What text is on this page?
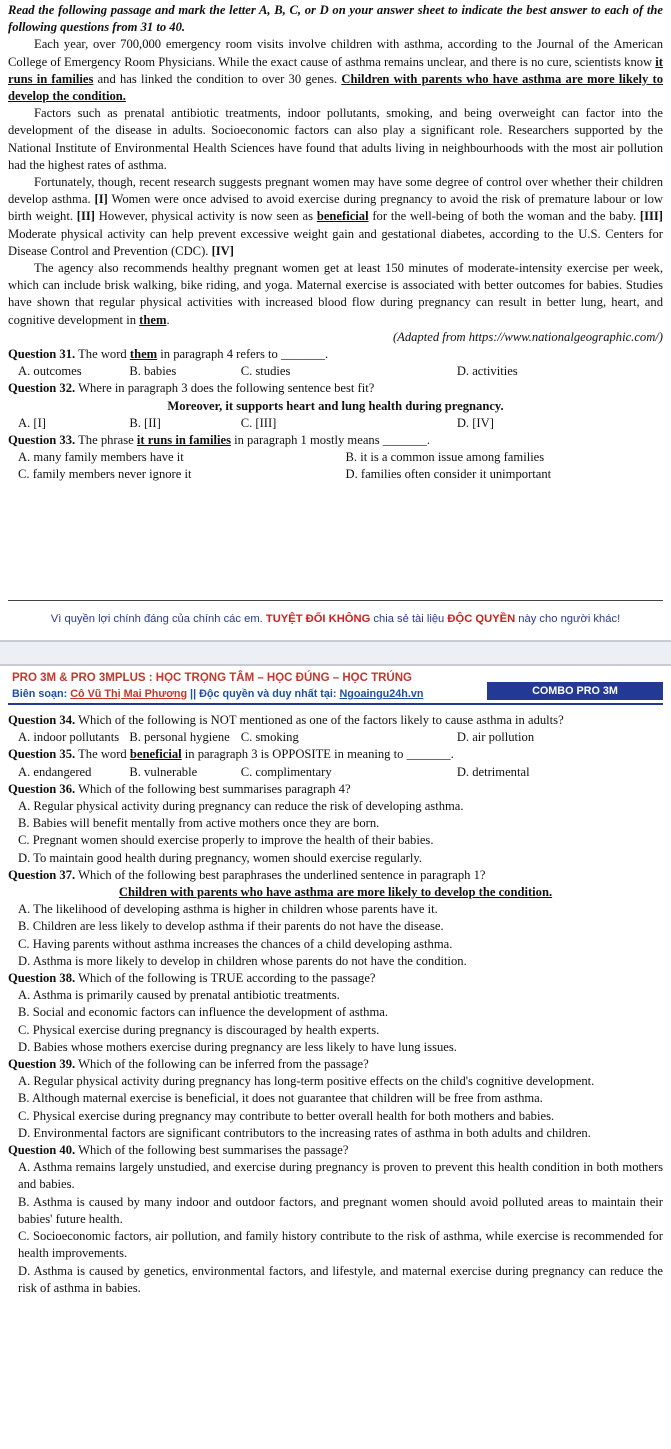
Read the following passage and mark the letter A, B, C, or D on your answer sheet to indicate the best answer to each of the following questions from 31 to 40.

Each year, over 700,000 emergency room visits involve children with asthma, according to the Journal of the American College of Emergency Room Physicians. While the exact cause of asthma remains unclear, and there is no cure, scientists know it runs in families and has linked the condition to over 30 genes. Children with parents who have asthma are more likely to develop the condition.

Factors such as prenatal antibiotic treatments, indoor pollutants, smoking, and being overweight can factor into the development of the disease in adults. Socioeconomic factors can also play a significant role. Researchers supported by the National Institute of Environmental Health Sciences have found that adults living in neighbourhoods with the most air pollution had the highest rates of asthma.

Fortunately, though, recent research suggests pregnant women may have some degree of control over whether their children develop asthma. [I] Women were once advised to avoid exercise during pregnancy to avoid the risk of premature labour or low birth weight. [II] However, physical activity is now seen as beneficial for the well-being of both the woman and the baby. [III] Moderate physical activity can help prevent excessive weight gain and gestational diabetes, according to the U.S. Centers for Disease Control and Prevention (CDC). [IV]

The agency also recommends healthy pregnant women get at least 150 minutes of moderate-intensity exercise per week, which can include brisk walking, bike riding, and yoga. Maternal exercise is associated with better outcomes for babies. Studies have shown that regular physical activities with increased blood flow during pregnancy can result in better lung, heart, and cognitive development in them.

(Adapted from https://www.nationalgeographic.com/)

Question 31. The word them in paragraph 4 refers to _______.

A. outcomes	B. babies	C. studies	D. activities

Question 32. Where in paragraph 3 does the following sentence best fit?

Moreover, it supports heart and lung health during pregnancy.

A. [I]	B. [II]	C. [III]	D. [IV]

Question 33. The phrase it runs in families in paragraph 1 mostly means _______.

A. many family members have it	B. it is a common issue among families
C. family members never ignore it	D. families often consider it unimportant
Vì quyền lợi chính đáng của chính các em. TUYỆT ĐỐI KHÔNG chia sẻ tài liệu ĐỘC QUYỀN này cho người khác!
PRO 3M & PRO 3MPLUS : HỌC TRỌNG TÂM – HỌC ĐÚNG – HỌC TRÚNG
Biên soạn: Cô Vũ Thị Mai Phương || Độc quyền và duy nhất tại: Ngoaingu24h.vn	COMBO PRO 3M

Question 34. Which of the following is NOT mentioned as one of the factors likely to cause asthma in adults?

A. indoor pollutants B. personal hygiene C. smoking	D. air pollution

Question 35. The word beneficial in paragraph 3 is OPPOSITE in meaning to _______.

A. endangered	B. vulnerable	C. complimentary	D. detrimental

Question 36. Which of the following best summarises paragraph 4?

A. Regular physical activity during pregnancy can reduce the risk of developing asthma.

B. Babies will benefit mentally from active mothers once they are born.

C. Pregnant women should exercise properly to improve the health of their babies.

D. To maintain good health during pregnancy, women should exercise regularly.

Question 37. Which of the following best paraphrases the underlined sentence in paragraph 1?

Children with parents who have asthma are more likely to develop the condition.

A. The likelihood of developing asthma is higher in children whose parents have it.

B. Children are less likely to develop asthma if their parents do not have the disease.

C. Having parents without asthma increases the chances of a child developing asthma.

D. Asthma is more likely to develop in children whose parents do not have the condition.

Question 38. Which of the following is TRUE according to the passage?

A. Asthma is primarily caused by prenatal antibiotic treatments.

B. Social and economic factors can influence the development of asthma.

C. Physical exercise during pregnancy is discouraged by health experts.

D. Babies whose mothers exercise during pregnancy are less likely to have lung issues.

Question 39. Which of the following can be inferred from the passage?

A. Regular physical activity during pregnancy has long-term positive effects on the child's cognitive development.

B. Although maternal exercise is beneficial, it does not guarantee that children will be free from asthma.

C. Physical exercise during pregnancy may contribute to better overall health for both mothers and babies.

D. Environmental factors are significant contributors to the increasing rates of asthma in both adults and children.

Question 40. Which of the following best summarises the passage?

A. Asthma remains largely unstudied, and exercise during pregnancy is proven to prevent this health condition in both mothers and babies.

B. Asthma is caused by many indoor and outdoor factors, and pregnant women should avoid polluted areas to maintain their babies' future health.

C. Socioeconomic factors, air pollution, and family history contribute to the risk of asthma, while exercise is recommended for health improvements.

D. Asthma is caused by genetics, environmental factors, and lifestyle, and maternal exercise during pregnancy can reduce the risk of asthma in babies.
